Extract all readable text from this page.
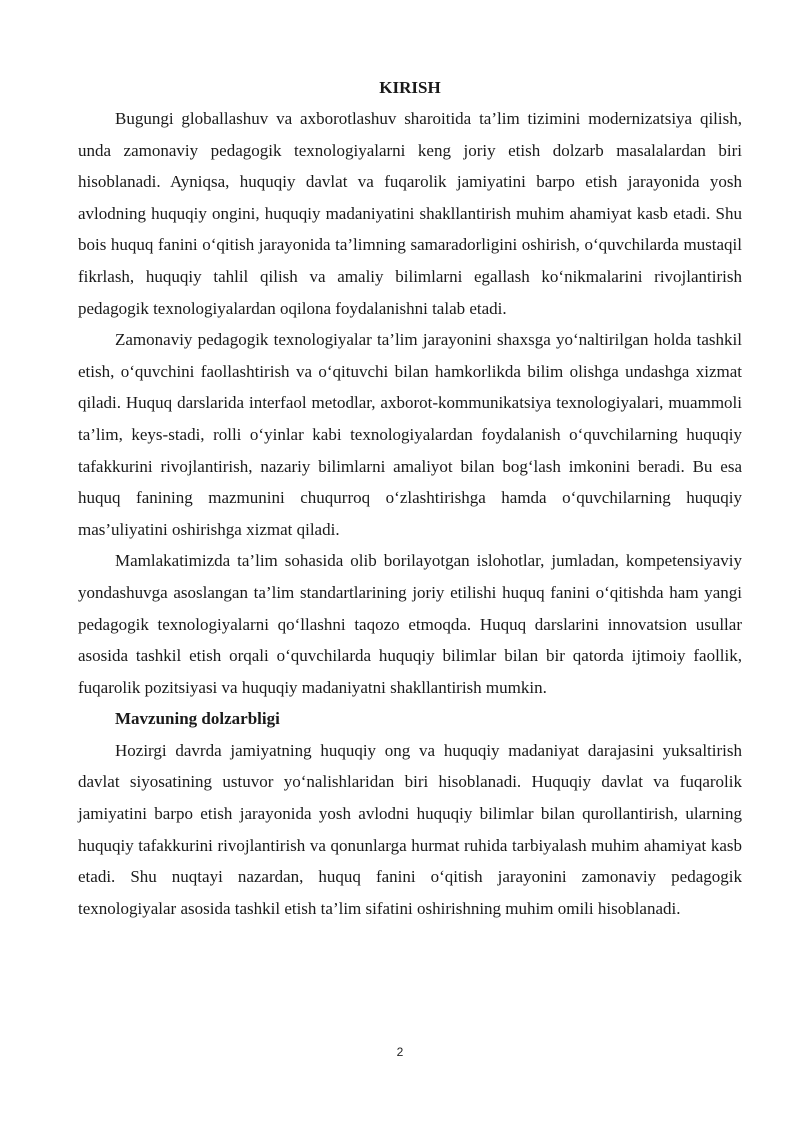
KIRISH

Bugungi globallashuv va axborotlashuv sharoitida ta’lim tizimini modernizatsiya qilish, unda zamonaviy pedagogik texnologiyalarni keng joriy etish dolzarb masalalardan biri hisoblanadi. Ayniqsa, huquqiy davlat va fuqarolik jamiyatini barpo etish jarayonida yosh avlodning huquqiy ongini, huquqiy madaniyatini shakllantirish muhim ahamiyat kasb etadi. Shu bois huquq fanini o‘qitish jarayonida ta’limning samaradorligini oshirish, o‘quvchilarda mustaqil fikrlash, huquqiy tahlil qilish va amaliy bilimlarni egallash ko‘nikmalarini rivojlantirish pedagogik texnologiyalardan oqilona foydalanishni talab etadi.

Zamonaviy pedagogik texnologiyalar ta’lim jarayonini shaxsga yo‘naltirilgan holda tashkil etish, o‘quvchini faollashtirish va o‘qituvchi bilan hamkorlikda bilim olishga undashga xizmat qiladi. Huquq darslarida interfaol metodlar, axborot-kommunikatsiya texnologiyalari, muammoli ta’lim, keys-stadi, rolli o‘yinlar kabi texnologiyalardan foydalanish o‘quvchilarning huquqiy tafakkurini rivojlantirish, nazariy bilimlarni amaliyot bilan bog‘lash imkonini beradi. Bu esa huquq fanining mazmunini chuqurroq o‘zlashtirishga hamda o‘quvchilarning huquqiy mas’uliyatini oshirishga xizmat qiladi.

Mamlakatimizda ta’lim sohasida olib borilayotgan islohotlar, jumladan, kompetensiyaviy yondashuvga asoslangan ta’lim standartlarining joriy etilishi huquq fanini o‘qitishda ham yangi pedagogik texnologiyalarni qo‘llashni taqozo etmoqda. Huquq darslarini innovatsion usullar asosida tashkil etish orqali o‘quvchilarda huquqiy bilimlar bilan bir qatorda ijtimoiy faollik, fuqarolik pozitsiyasi va huquqiy madaniyatni shakllantirish mumkin.

Mavzuning dolzarbligi

Hozirgi davrda jamiyatning huquqiy ong va huquqiy madaniyat darajasini yuksaltirish davlat siyosatining ustuvor yo‘nalishlaridan biri hisoblanadi. Huquqiy davlat va fuqarolik jamiyatini barpo etish jarayonida yosh avlodni huquqiy bilimlar bilan qurollantirish, ularning huquqiy tafakkurini rivojlantirish va qonunlarga hurmat ruhida tarbiyalash muhim ahamiyat kasb etadi. Shu nuqtayi nazardan, huquq fanini o‘qitish jarayonini zamonaviy pedagogik texnologiyalar asosida tashkil etish ta’lim sifatini oshirishning muhim omili hisoblanadi.

2
